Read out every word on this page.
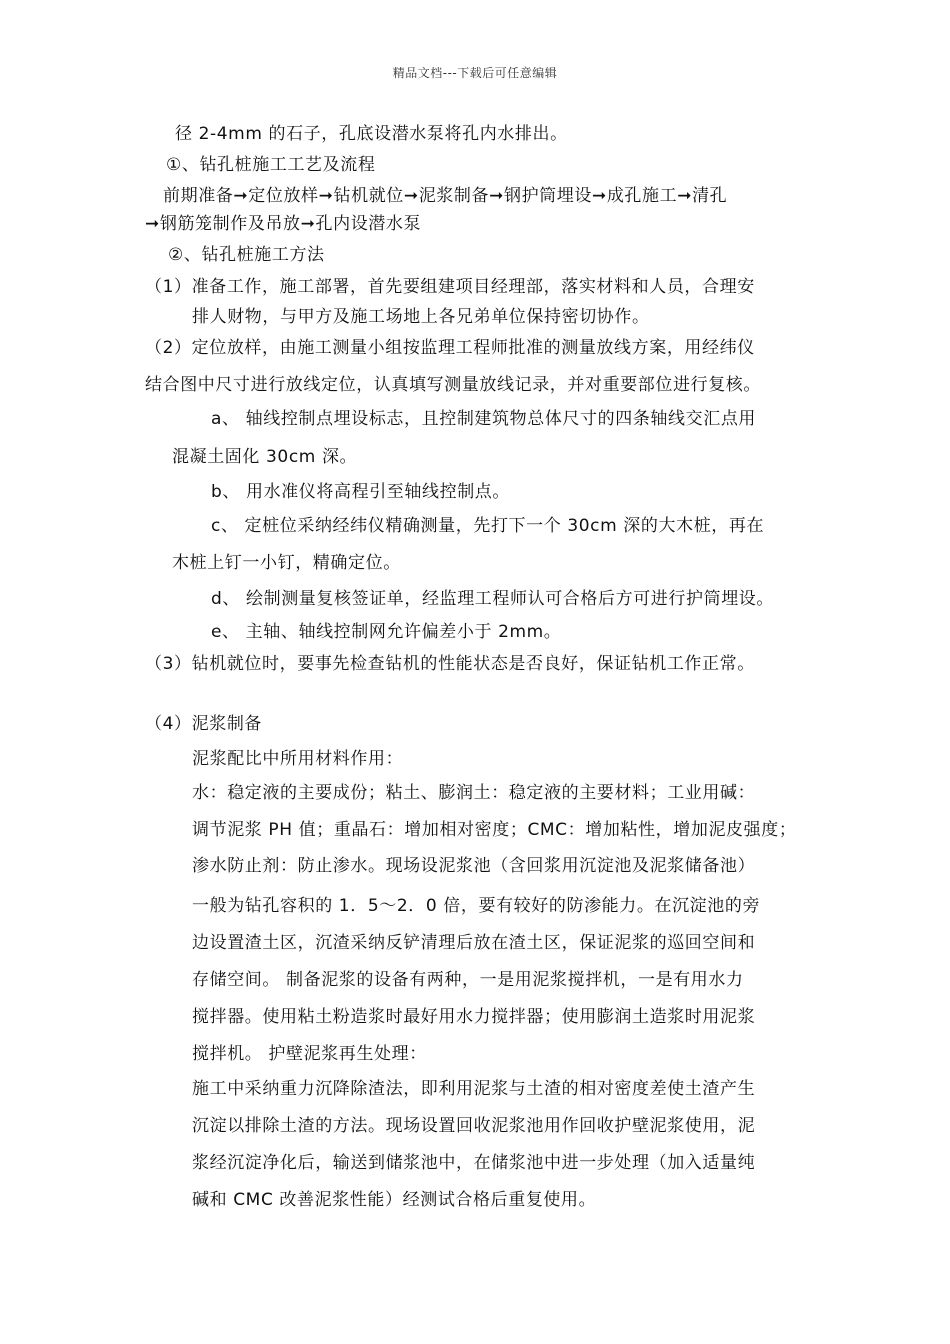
精品文档---下载后可任意编辑
径 2-4mm 的石子，孔底设潜水泵将孔内水排出。
①、钻孔桩施工工艺及流程
前期准备➞定位放样➞钻机就位➞泥浆制备➞钢护筒埋设➞成孔施工➞清孔
➞钢筋笼制作及吊放➞孔内设潜水泵
②、钻孔桩施工方法
（1）准备工作，施工部署，首先要组建项目经理部，落实材料和人员，合理安
排人财物，与甲方及施工场地上各兄弟单位保持密切协作。
（2）定位放样，由施工测量小组按监理工程师批准的测量放线方案，用经纬仪
结合图中尺寸进行放线定位，认真填写测量放线记录，并对重要部位进行复核。
a、 轴线控制点埋设标志，且控制建筑物总体尺寸的四条轴线交汇点用
混凝土固化 30cm 深。
b、 用水准仪将高程引至轴线控制点。
c、 定桩位采纳经纬仪精确测量，先打下一个 30cm 深的大木桩，再在
木桩上钉一小钉，精确定位。
d、 绘制测量复核签证单，经监理工程师认可合格后方可进行护筒埋设。
e、 主轴、轴线控制网允许偏差小于 2mm。
（3）钻机就位时，要事先检查钻机的性能状态是否良好，保证钻机工作正常。
（4）泥浆制备
泥浆配比中所用材料作用：
水：稳定液的主要成份；粘土、膨润土：稳定液的主要材料；工业用碱：
调节泥浆 PH 值；重晶石：增加相对密度；CMC：增加粘性，增加泥皮强度；
渗水防止剂：防止渗水。现场设泥浆池（含回浆用沉淀池及泥浆储备池）
一般为钻孔容积的 1．5～2．0 倍，要有较好的防渗能力。在沉淀池的旁
边设置渣土区，沉渣采纳反铲清理后放在渣土区，保证泥浆的巡回空间和
存储空间。 制备泥浆的设备有两种，一是用泥浆搅拌机，一是有用水力
搅拌器。使用粘土粉造浆时最好用水力搅拌器；使用膨润土造浆时用泥浆
搅拌机。 护壁泥浆再生处理：
施工中采纳重力沉降除渣法，即利用泥浆与土渣的相对密度差使土渣产生
沉淀以排除土渣的方法。现场设置回收泥浆池用作回收护壁泥浆使用，泥
浆经沉淀净化后，输送到储浆池中，在储浆池中进一步处理（加入适量纯
碱和 CMC 改善泥浆性能）经测试合格后重复使用。
